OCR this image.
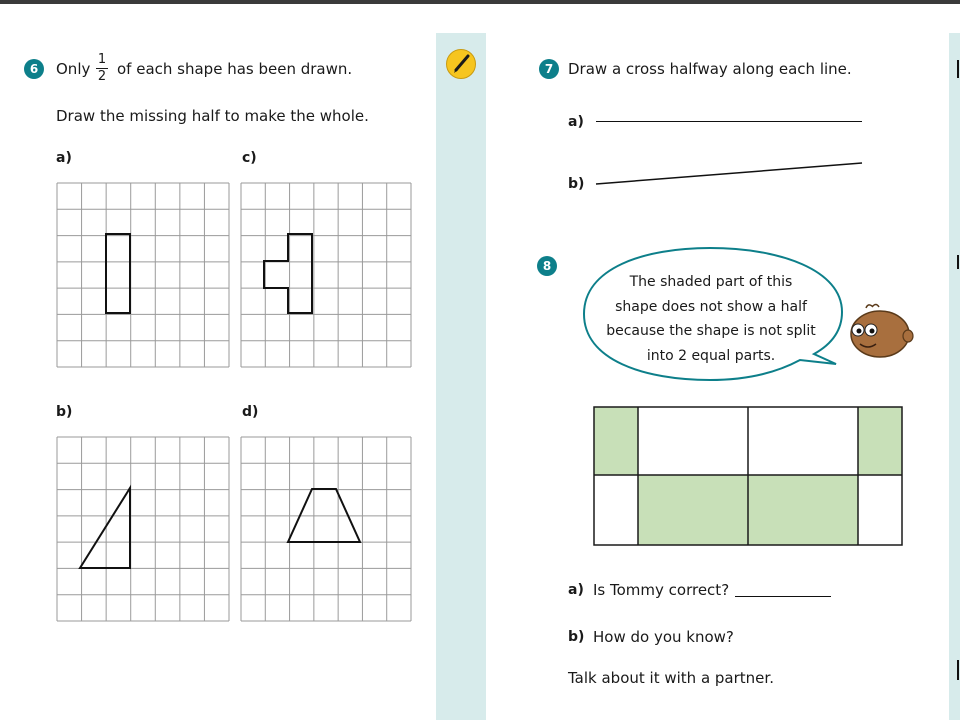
6	Only
1
2 of each shape has been drawn.
Draw the missing half to make the whole.
a)	c)
b)	d)
7 Draw a cross halfway along each line.
a)
b)
8
The shaded part of this
shape does not show a half
because the shape is not split
into 2 equal parts.
a) Is Tommy correct?
b) How do you know?
Talk about it with a partner.
